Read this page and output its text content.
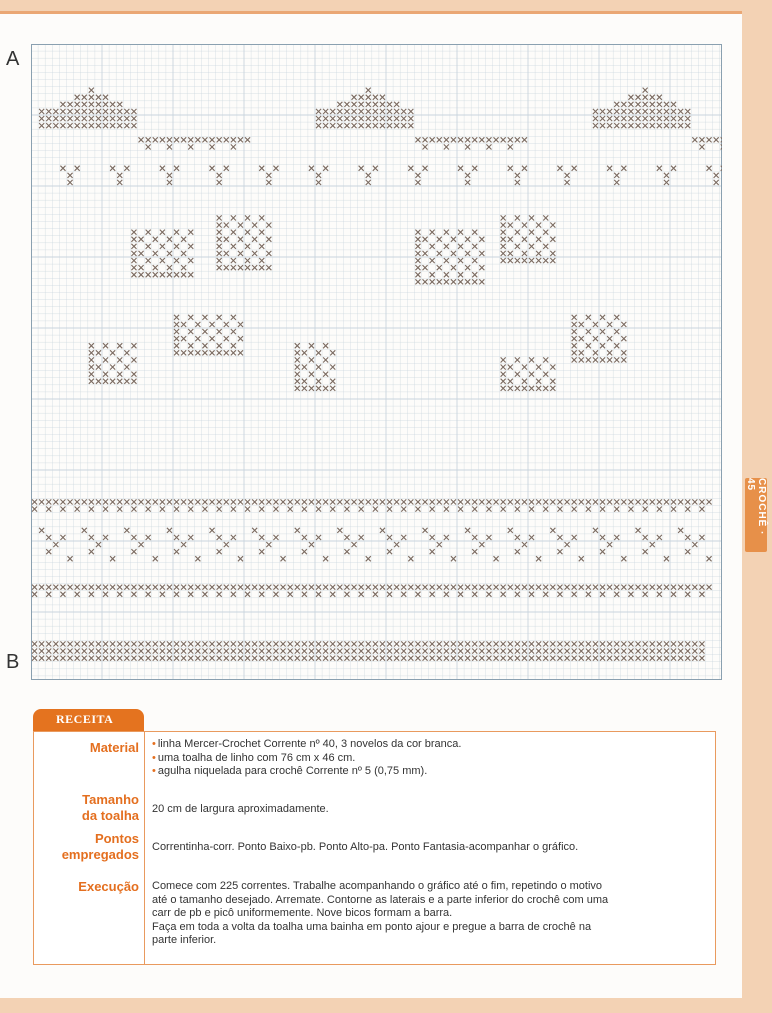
CROCHÊ · 45
A
B
RECEITA
Material • linha Mercer-Crochet Corrente nº 40, 3 novelos da cor branca.
• uma toalha de linho com 76 cm x 46 cm.
• agulha niquelada para crochê Corrente nº 5 (0,75 mm).
Tamanho
da toalha 20 cm de largura aproximadamente.
Pontos
empregados Correntinha-corr. Ponto Baixo-pb. Ponto Alto-pa. Ponto Fantasia-acompanhar o gráfico.
Execução Comece com 225 correntes. Trabalhe acompanhando o gráfico até o fim, repetindo o motivo
até o tamanho desejado. Arremate. Contorne as laterais e a parte inferior do crochê com uma
carr de pb e picô uniformemente. Nove bicos formam a barra.
Faça em toda a volta da toalha uma bainha em ponto ajour e pregue a barra de crochê na
parte inferior.
